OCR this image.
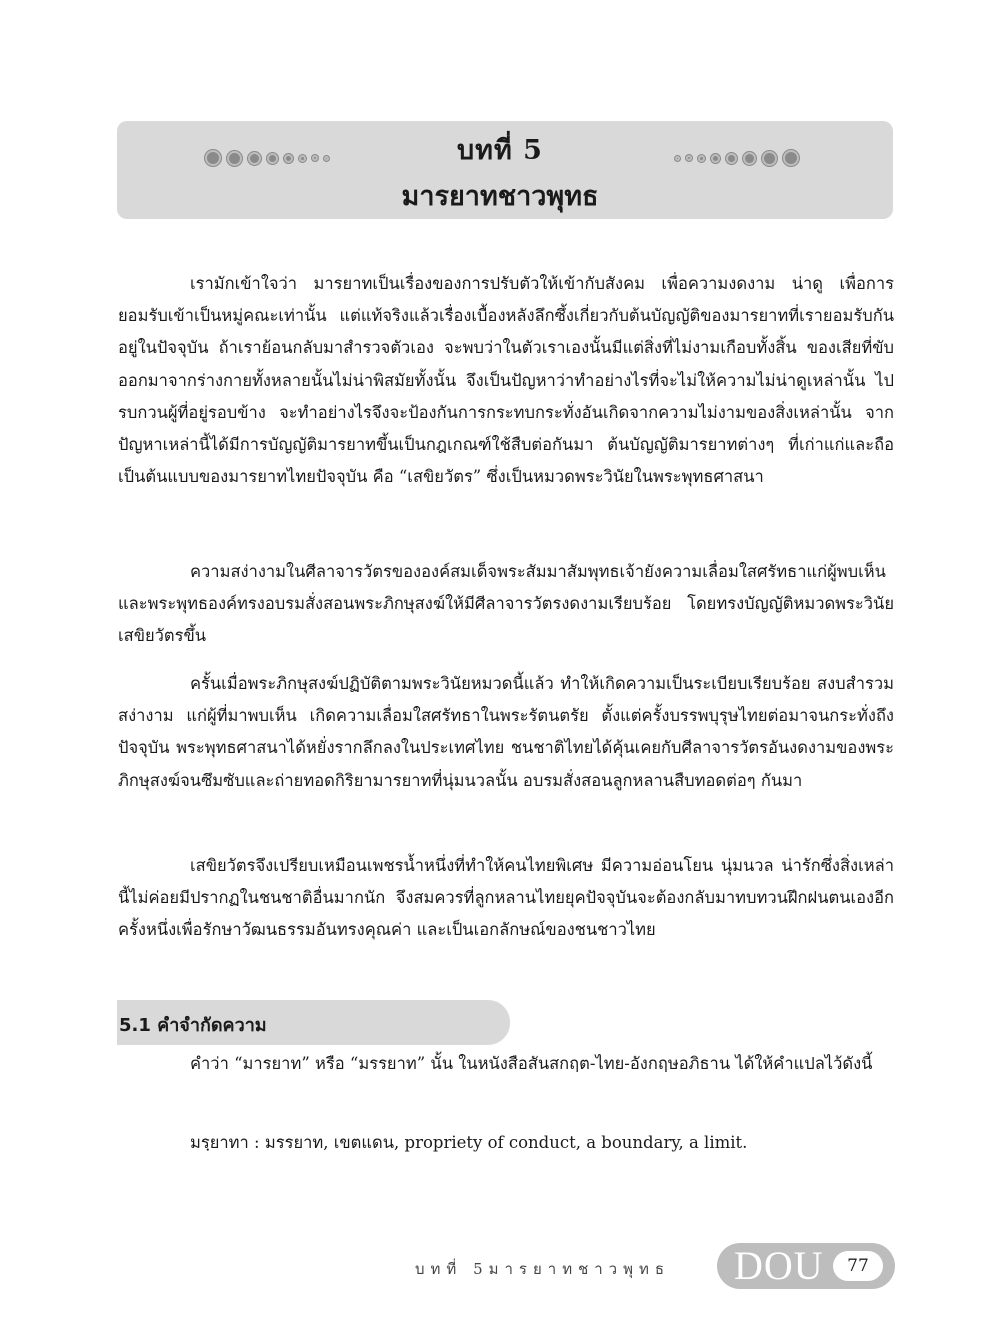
บทที่ 5
มารยาทชาวพุทธ

เรามักเข้าใจว่า มารยาทเป็นเรื่องของการปรับตัวให้เข้ากับสังคม เพื่อความงดงาม น่าดู เพื่อการยอมรับเข้าเป็นหมู่คณะเท่านั้น แต่แท้จริงแล้วเรื่องเบื้องหลังลึกซึ้งเกี่ยวกับต้นบัญญัติของมารยาทที่เรายอมรับกันอยู่ในปัจจุบัน ถ้าเราย้อนกลับมาสำรวจตัวเอง จะพบว่าในตัวเราเองนั้นมีแต่สิ่งที่ไม่งามเกือบทั้งสิ้น ของเสียที่ขับออกมาจากร่างกายทั้งหลายนั้นไม่น่าพิสมัยทั้งนั้น จึงเป็นปัญหาว่าทำอย่างไรที่จะไม่ให้ความไม่น่าดูเหล่านั้น ไปรบกวนผู้ที่อยู่รอบข้าง จะทำอย่างไรจึงจะป้องกันการกระทบกระทั่งอันเกิดจากความไม่งามของสิ่งเหล่านั้น จากปัญหาเหล่านี้ได้มีการบัญญัติมารยาทขึ้นเป็นกฎเกณฑ์ใช้สืบต่อกันมา ต้นบัญญัติมารยาทต่างๆ ที่เก่าแก่และถือเป็นต้นแบบของมารยาทไทยปัจจุบัน คือ “เสขิยวัตร” ซึ่งเป็นหมวดพระวินัยในพระพุทธศาสนา

ความสง่างามในศีลาจารวัตรขององค์สมเด็จพระสัมมาสัมพุทธเจ้ายังความเลื่อมใสศรัทธาแก่ผู้พบเห็น และพระพุทธองค์ทรงอบรมสั่งสอนพระภิกษุสงฆ์ให้มีศีลาจารวัตรงดงามเรียบร้อย โดยทรงบัญญัติหมวดพระวินัยเสขิยวัตรขึ้น

ครั้นเมื่อพระภิกษุสงฆ์ปฏิบัติตามพระวินัยหมวดนี้แล้ว ทำให้เกิดความเป็นระเบียบเรียบร้อย สงบสำรวม สง่างาม แก่ผู้ที่มาพบเห็น เกิดความเลื่อมใสศรัทธาในพระรัตนตรัย ตั้งแต่ครั้งบรรพบุรุษไทยต่อมาจนกระทั่งถึงปัจจุบัน พระพุทธศาสนาได้หยั่งรากลึกลงในประเทศไทย ชนชาติไทยได้คุ้นเคยกับศีลาจารวัตรอันงดงามของพระภิกษุสงฆ์จนซึมซับและถ่ายทอดกิริยามารยาทที่นุ่มนวลนั้น อบรมสั่งสอนลูกหลานสืบทอดต่อๆ กันมา

เสขิยวัตรจึงเปรียบเหมือนเพชรน้ำหนึ่งที่ทำให้คนไทยพิเศษ มีความอ่อนโยน นุ่มนวล น่ารักซึ่งสิ่งเหล่านี้ไม่ค่อยมีปรากฏในชนชาติอื่นมากนัก จึงสมควรที่ลูกหลานไทยยุคปัจจุบันจะต้องกลับมาทบทวนฝึกฝนตนเองอีกครั้งหนึ่งเพื่อรักษาวัฒนธรรมอันทรงคุณค่า และเป็นเอกลักษณ์ของชนชาวไทย

5.1 คำจำกัดความ

คำว่า “มารยาท” หรือ “มรรยาท” นั้น ในหนังสือสันสกฤต-ไทย-อังกฤษอภิธาน ได้ให้คำแปลไว้ดังนี้

มรฺยาทา : มรรยาท, เขตแดน, propriety of conduct, a boundary, a limit.
บทที่ 5มารยาทชาวพุทธ DOU	77
